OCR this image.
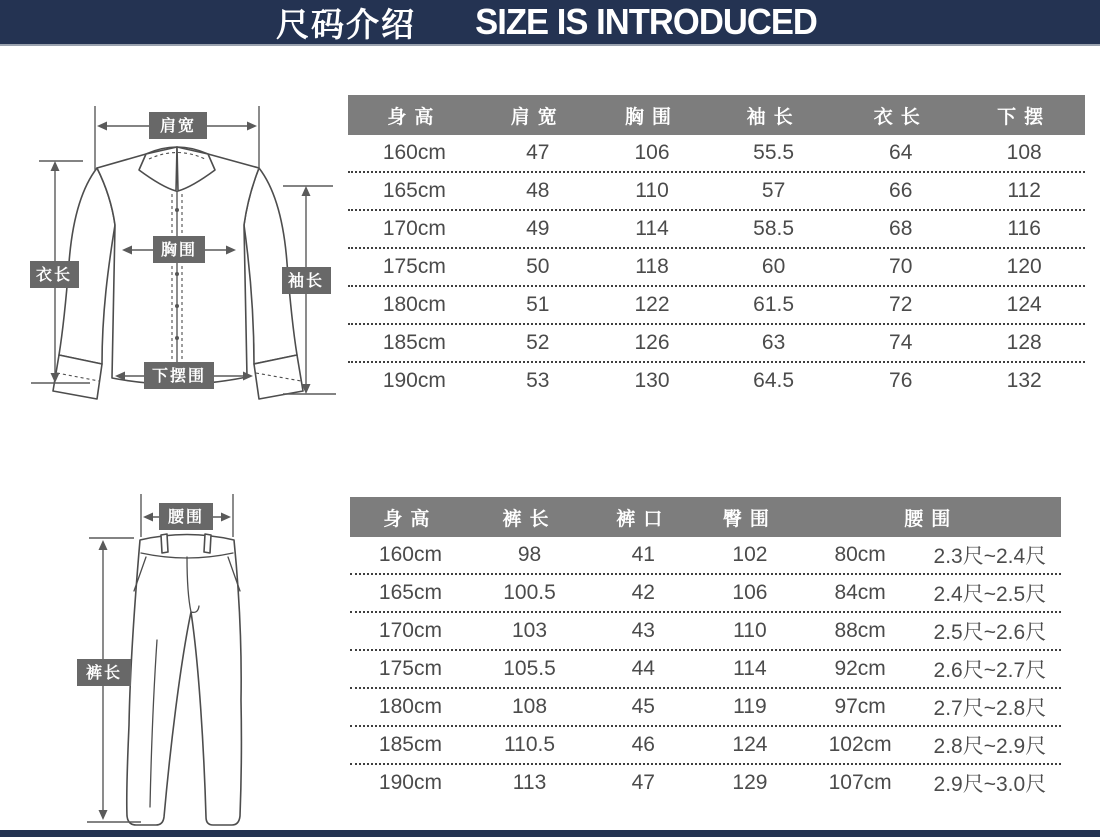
尺码介绍 SIZE IS INTRODUCED
肩宽
胸围
衣长	袖长
下摆围
腰围
裤长
身高	肩宽	胸围	袖长	衣长	下摆
160cm	47	106	55.5	64	108
165cm	48	110	57	66	112
170cm	49	114	58.5	68	116
175cm	50	118	60	70	120
180cm	51	122	61.5	72	124
185cm	52	126	63	74	128
190cm	53	130	64.5	76	132
身高	裤长	裤口	臀围	腰围
160cm	98	41	102	80cm	2.3尺~2.4尺
165cm	100.5	42	106	84cm	2.4尺~2.5尺
170cm	103	43	110	88cm	2.5尺~2.6尺
175cm	105.5	44	114	92cm	2.6尺~2.7尺
180cm	108	45	119	97cm	2.7尺~2.8尺
185cm	110.5	46	124	102cm	2.8尺~2.9尺
190cm	113	47	129	107cm	2.9尺~3.0尺
